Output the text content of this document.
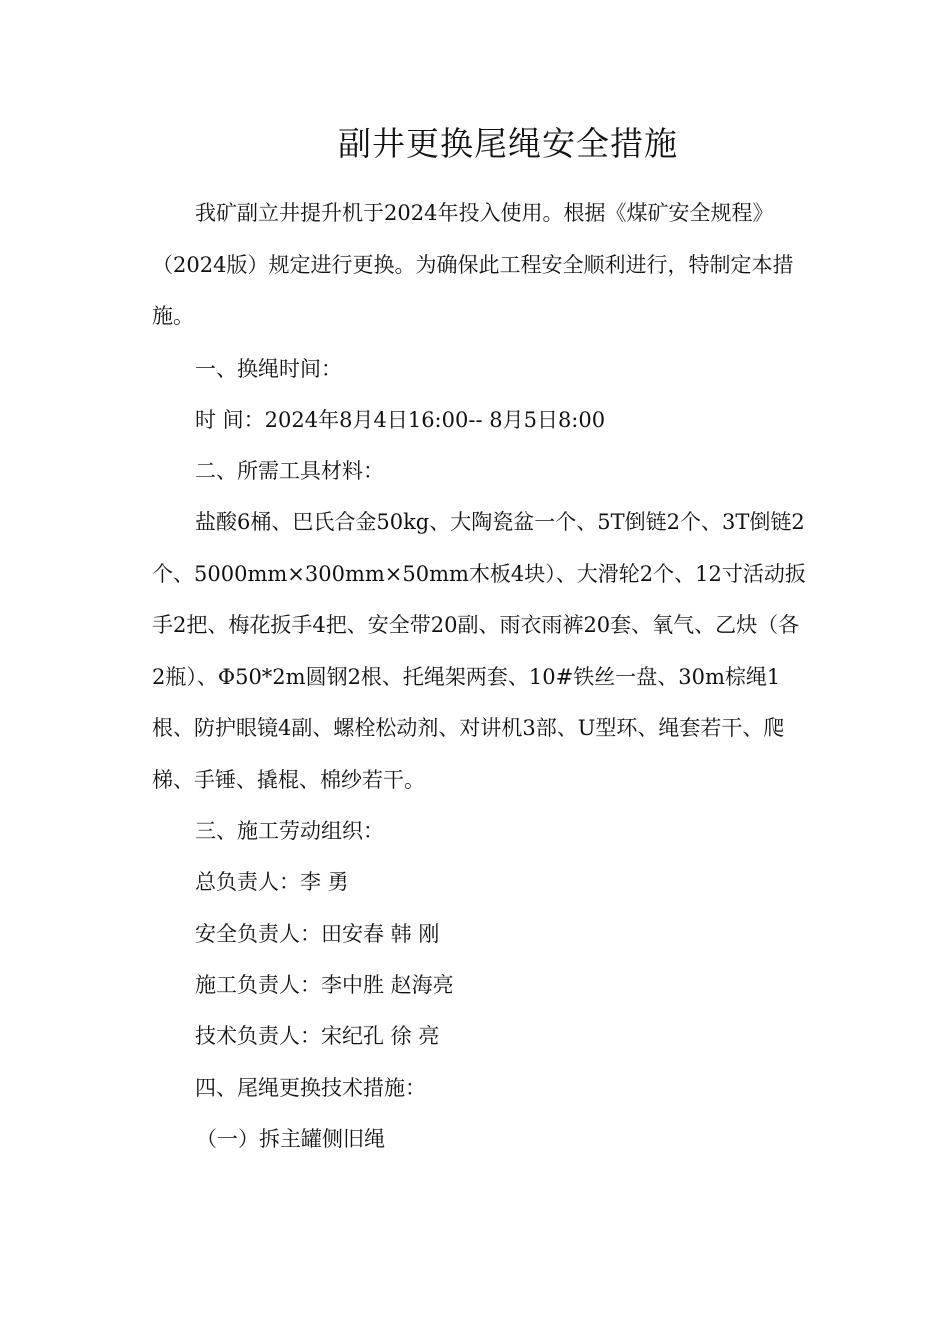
副井更换尾绳安全措施

我矿副立井提升机于2024年投入使用。根据《煤矿安全规程》（2024版）规定进行更换。为确保此工程安全顺利进行，特制定本措施。

一、换绳时间：
时 间：2024年8月4日16:00-- 8月5日8:00
二、所需工具材料：

盐酸6桶、巴氏合金50kg、大陶瓷盆一个、5T倒链2个、3T倒链2个、5000mm×300mm×50mm木板4块）、大滑轮2个、12寸活动扳手2把、梅花扳手4把、安全带20副、雨衣雨裤20套、氧气、乙炔（各2瓶）、Φ50*2m圆钢2根、托绳架两套、10#铁丝一盘、30m棕绳1根、防护眼镜4副、螺栓松动剂、对讲机3部、U型环、绳套若干、爬梯、手锤、撬棍、棉纱若干。

三、施工劳动组织：
总负责人：李 勇
安全负责人：田安春 韩 刚
施工负责人：李中胜 赵海亮
技术负责人：宋纪孔 徐 亮
四、尾绳更换技术措施：
（一）拆主罐侧旧绳
